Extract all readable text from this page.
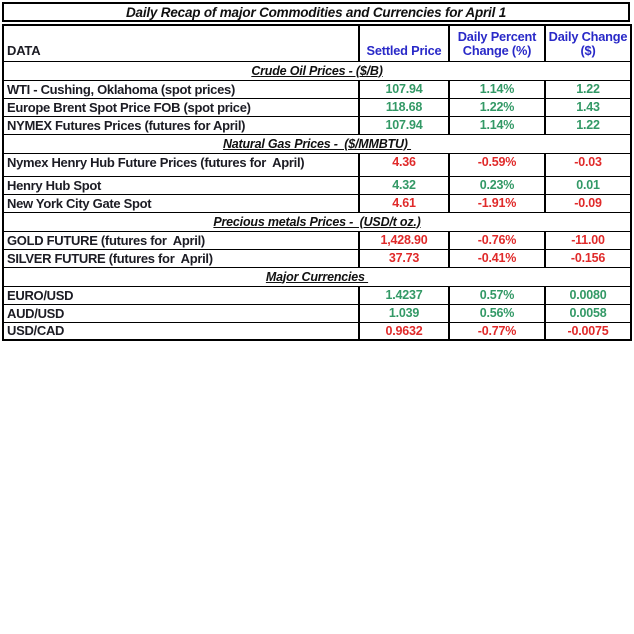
Daily Recap of major Commodities and Currencies for April 1
DATA	Settled Price	Daily Percent Change (%)	Daily Change ($)
Crude Oil Prices - ($/B)			
WTI - Cushing, Oklahoma (spot prices)	107.94	1.14%	1.22
Europe Brent Spot Price FOB (spot price)	118.68	1.22%	1.43
NYMEX Futures Prices (futures for April)	107.94	1.14%	1.22
Natural Gas Prices -  ($/MMBTU)			
Nymex Henry Hub Future Prices (futures for  April)	4.36	-0.59%	-0.03
Henry Hub Spot	4.32	0.23%	0.01
New York City Gate Spot	4.61	-1.91%	-0.09
Precious metals Prices -  (USD/t oz.)			
GOLD FUTURE (futures for  April)	1,428.90	-0.76%	-11.00
SILVER FUTURE (futures for  April)	37.73	-0.41%	-0.156
Major Currencies			
EURO/USD	1.4237	0.57%	0.0080
AUD/USD	1.039	0.56%	0.0058
USD/CAD	0.9632	-0.77%	-0.0075
